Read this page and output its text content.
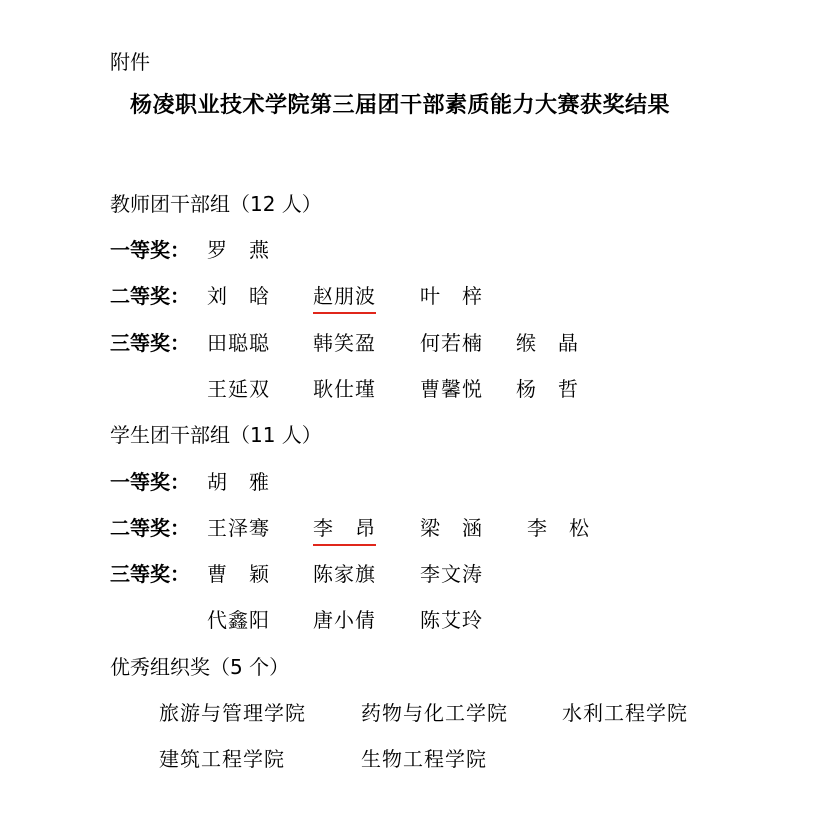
附件
杨凌职业技术学院第三届团干部素质能力大赛获奖结果
教师团干部组（12 人）
一等奖： 罗　燕
二等奖： 刘　晗 赵朋波 叶　梓
三等奖： 田聪聪 韩笑盈 何若楠 缑　晶
王延双 耿仕瑾 曹馨悦 杨　哲
学生团干部组（11 人）
一等奖： 胡　雅
二等奖： 王泽骞 李　昂 梁　涵 李　松
三等奖： 曹　颖 陈家旗 李文涛
代鑫阳 唐小倩 陈艾玲
优秀组织奖（5 个）
旅游与管理学院	药物与化工学院	水利工程学院
建筑工程学院	生物工程学院
